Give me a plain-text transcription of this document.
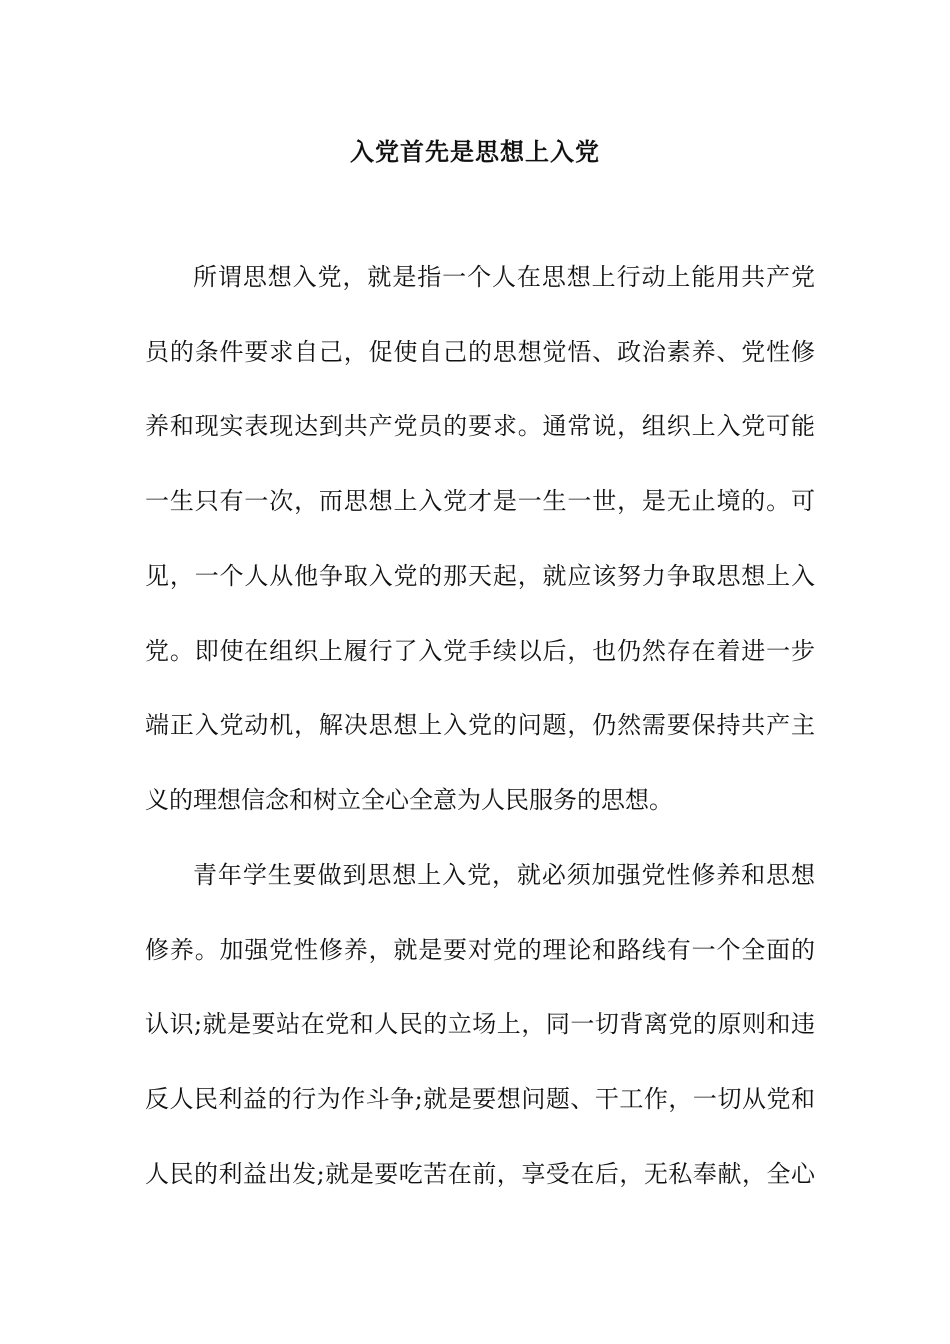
入党首先是思想上入党
所谓思想入党，就是指一个人在思想上行动上能用共产党
员的条件要求自己，促使自己的思想觉悟、政治素养、党性修
养和现实表现达到共产党员的要求。通常说，组织上入党可能
一生只有一次，而思想上入党才是一生一世，是无止境的。可
见，一个人从他争取入党的那天起，就应该努力争取思想上入
党。即使在组织上履行了入党手续以后，也仍然存在着进一步
端正入党动机，解决思想上入党的问题，仍然需要保持共产主
义的理想信念和树立全心全意为人民服务的思想。
青年学生要做到思想上入党，就必须加强党性修养和思想
修养。加强党性修养，就是要对党的理论和路线有一个全面的
认识;就是要站在党和人民的立场上，同一切背离党的原则和违
反人民利益的行为作斗争;就是要想问题、干工作，一切从党和
人民的利益出发;就是要吃苦在前，享受在后，无私奉献，全心
